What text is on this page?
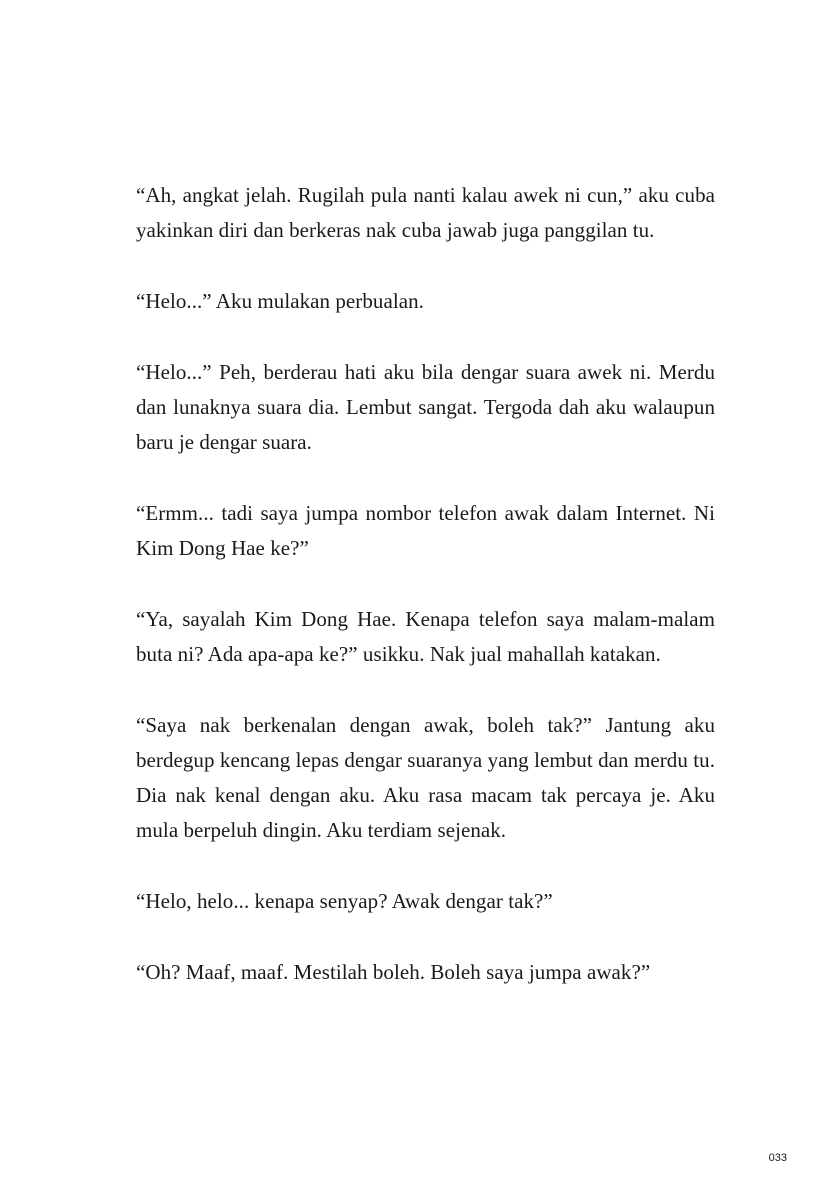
“Ah, angkat jelah. Rugilah pula nanti kalau awek ni cun,” aku cuba yakinkan diri dan berkeras nak cuba jawab juga panggilan tu.

“Helo...” Aku mulakan perbualan.

“Helo...” Peh, berderau hati aku bila dengar suara awek ni. Merdu dan lunaknya suara dia. Lembut sangat. Tergoda dah aku walaupun baru je dengar suara.

“Ermm... tadi saya jumpa nombor telefon awak dalam Internet. Ni Kim Dong Hae ke?”

“Ya, sayalah Kim Dong Hae. Kenapa telefon saya malam-malam buta ni? Ada apa-apa ke?” usikku. Nak jual mahallah katakan.

“Saya nak berkenalan dengan awak, boleh tak?” Jantung aku berdegup kencang lepas dengar suaranya yang lembut dan merdu tu. Dia nak kenal dengan aku. Aku rasa macam tak percaya je. Aku mula berpeluh dingin. Aku terdiam sejenak.

“Helo, helo... kenapa senyap? Awak dengar tak?”

“Oh? Maaf, maaf. Mestilah boleh. Boleh saya jumpa awak?”

033
